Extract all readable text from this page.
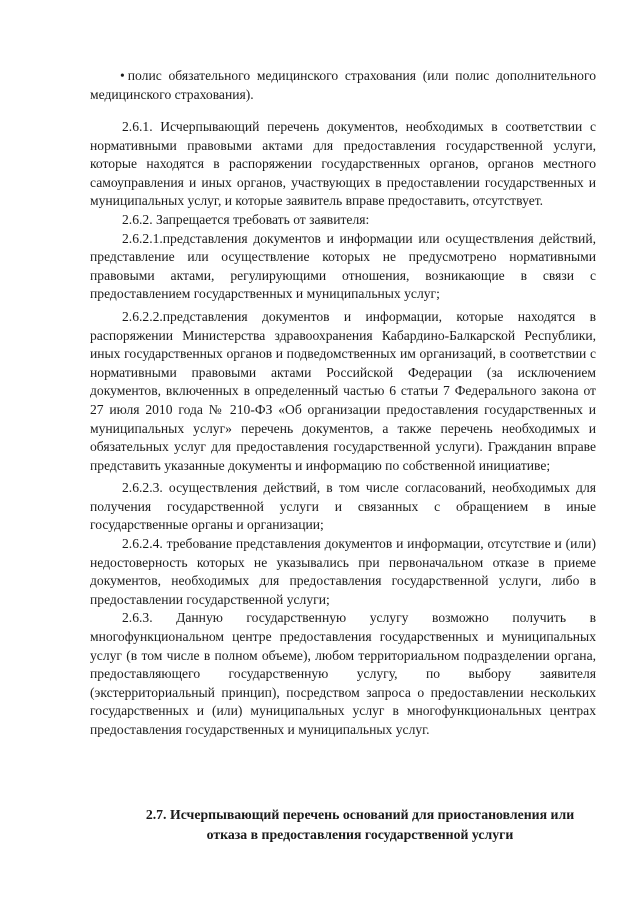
• полис обязательного медицинского страхования (или полис дополнительного медицинского страхования).

2.6.1. Исчерпывающий перечень документов, необходимых в соответствии с нормативными правовыми актами для предоставления государственной услуги, которые находятся в распоряжении государственных органов, органов местного самоуправления и иных органов, участвующих в предоставлении государственных и муниципальных услуг, и которые заявитель вправе предоставить, отсутствует.

2.6.2. Запрещается требовать от заявителя:

2.6.2.1.представления документов и информации или осуществления действий, представление или осуществление которых не предусмотрено нормативными правовыми актами, регулирующими отношения, возникающие в связи с предоставлением государственных и муниципальных услуг;

2.6.2.2.представления документов и информации, которые находятся в распоряжении Министерства здравоохранения Кабардино-Балкарской Республики, иных государственных органов и подведомственных им организаций, в соответствии с нормативными правовыми актами Российской Федерации (за исключением документов, включенных в определенный частью 6 статьи 7 Федерального закона от 27 июля 2010 года № 210-ФЗ «Об организации предоставления государственных и муниципальных услуг» перечень документов, а также перечень необходимых и обязательных услуг для предоставления государственной услуги). Гражданин вправе представить указанные документы и информацию по собственной инициативе;

2.6.2.3. осуществления действий, в том числе согласований, необходимых для получения государственной услуги и связанных с обращением в иные государственные органы и организации;

2.6.2.4. требование представления документов и информации, отсутствие и (или) недостоверность которых не указывались при первоначальном отказе в приеме документов, необходимых для предоставления государственной услуги, либо в предоставлении государственной услуги;

2.6.3. Данную государственную услугу возможно получить в многофункциональном центре предоставления государственных и муниципальных услуг (в том числе в полном объеме), любом территориальном подразделении органа, предоставляющего государственную услугу, по выбору заявителя (экстерриториальный принцип), посредством запроса о предоставлении нескольких государственных и (или) муниципальных услуг в многофункциональных центрах предоставления государственных и муниципальных услуг.

2.7. Исчерпывающий перечень оснований для приостановления или отказа в предоставления государственной услуги
